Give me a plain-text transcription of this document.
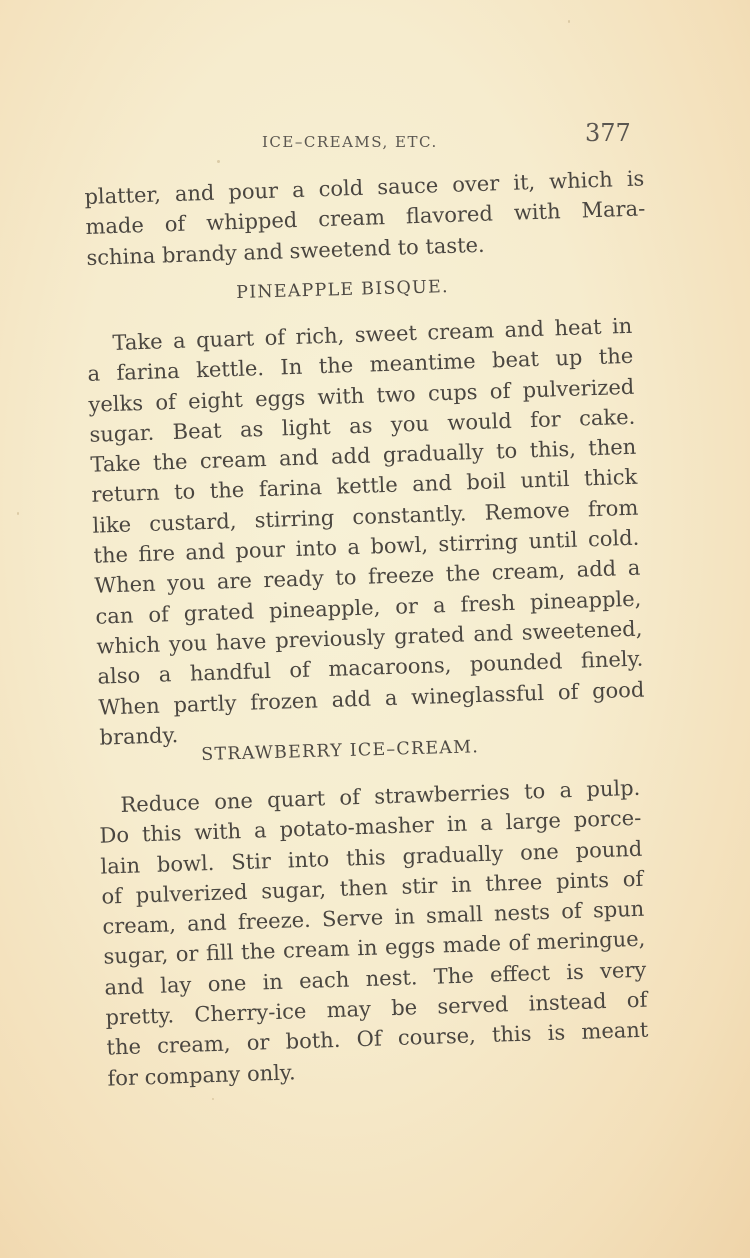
ICE–CREAMS, ETC.	377
platter, and pour a cold sauce over it, which is
made of whipped cream flavored with Mara-
schina brandy and sweetend to taste.
PINEAPPLE BISQUE.
Take a quart of rich, sweet cream and heat in
a farina kettle. In the meantime beat up the
yelks of eight eggs with two cups of pulverized
sugar. Beat as light as you would for cake.
Take the cream and add gradually to this, then
return to the farina kettle and boil until thick
like custard, stirring constantly. Remove from
the fire and pour into a bowl, stirring until cold.
When you are ready to freeze the cream, add a
can of grated pineapple, or a fresh pineapple,
which you have previously grated and sweetened,
also a handful of macaroons, pounded finely.
When partly frozen add a wineglassful of good
brandy.
STRAWBERRY ICE–CREAM.
Reduce one quart of strawberries to a pulp.
Do this with a potato-masher in a large porce-
lain bowl. Stir into this gradually one pound
of pulverized sugar, then stir in three pints of
cream, and freeze. Serve in small nests of spun
sugar, or fill the cream in eggs made of meringue,
and lay one in each nest. The effect is very
pretty. Cherry-ice may be served instead of
the cream, or both. Of course, this is meant
for company only.
